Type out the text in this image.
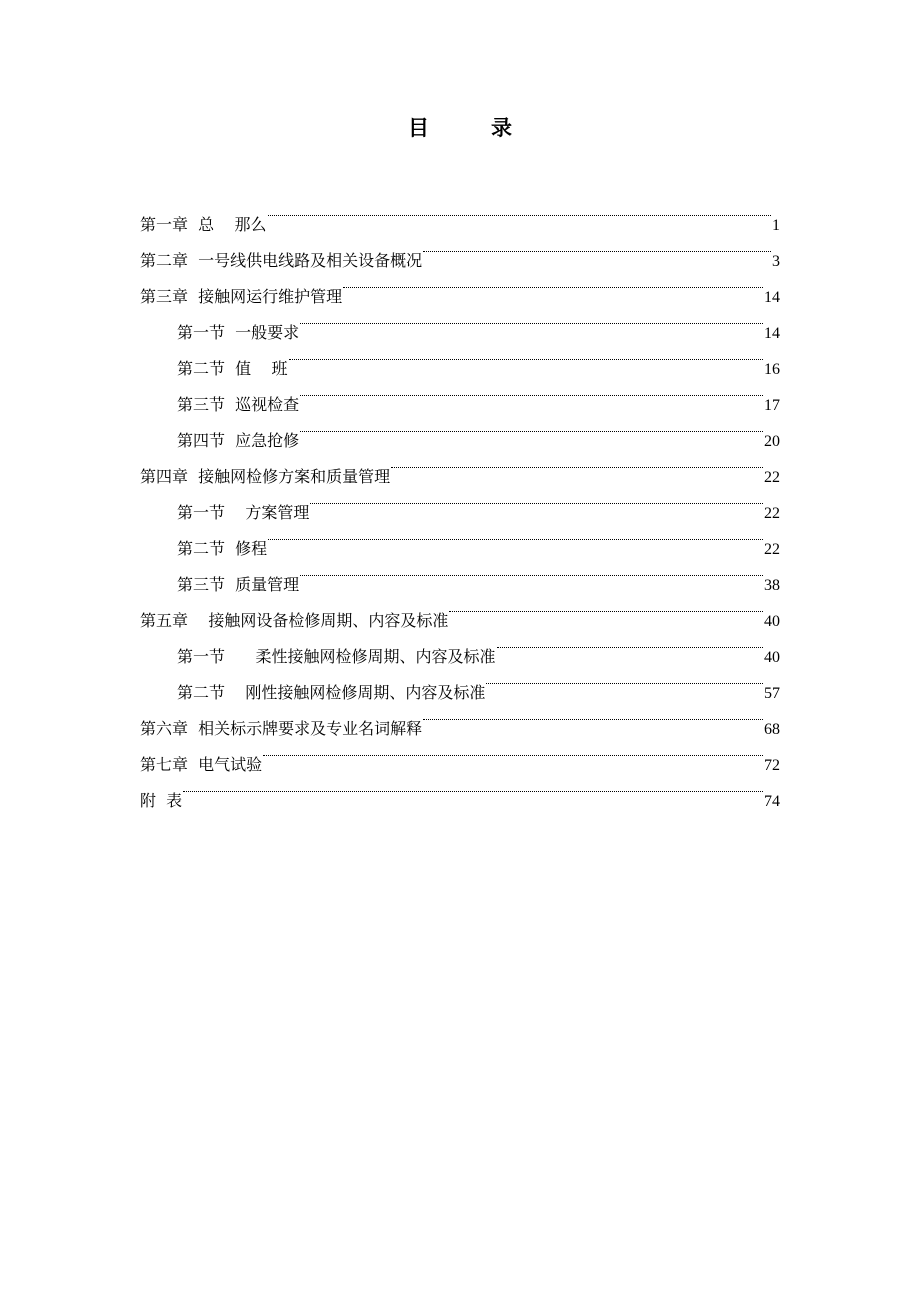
目	录
第一章  总    那么	1
第二章  一号线供电线路及相关设备概况	3
第三章  接触网运行维护管理	14
第一节  一般要求	14
第二节  值    班	16
第三节  巡视检查	17
第四节  应急抢修	20
第四章  接触网检修方案和质量管理	22
第一节    方案管理	22
第二节  修程	22
第三节  质量管理	38
第五章    接触网设备检修周期、内容及标准	40
第一节      柔性接触网检修周期、内容及标准	40
第二节    刚性接触网检修周期、内容及标准	57
第六章  相关标示牌要求及专业名词解释	68
第七章  电气试验	72
附  表	74
